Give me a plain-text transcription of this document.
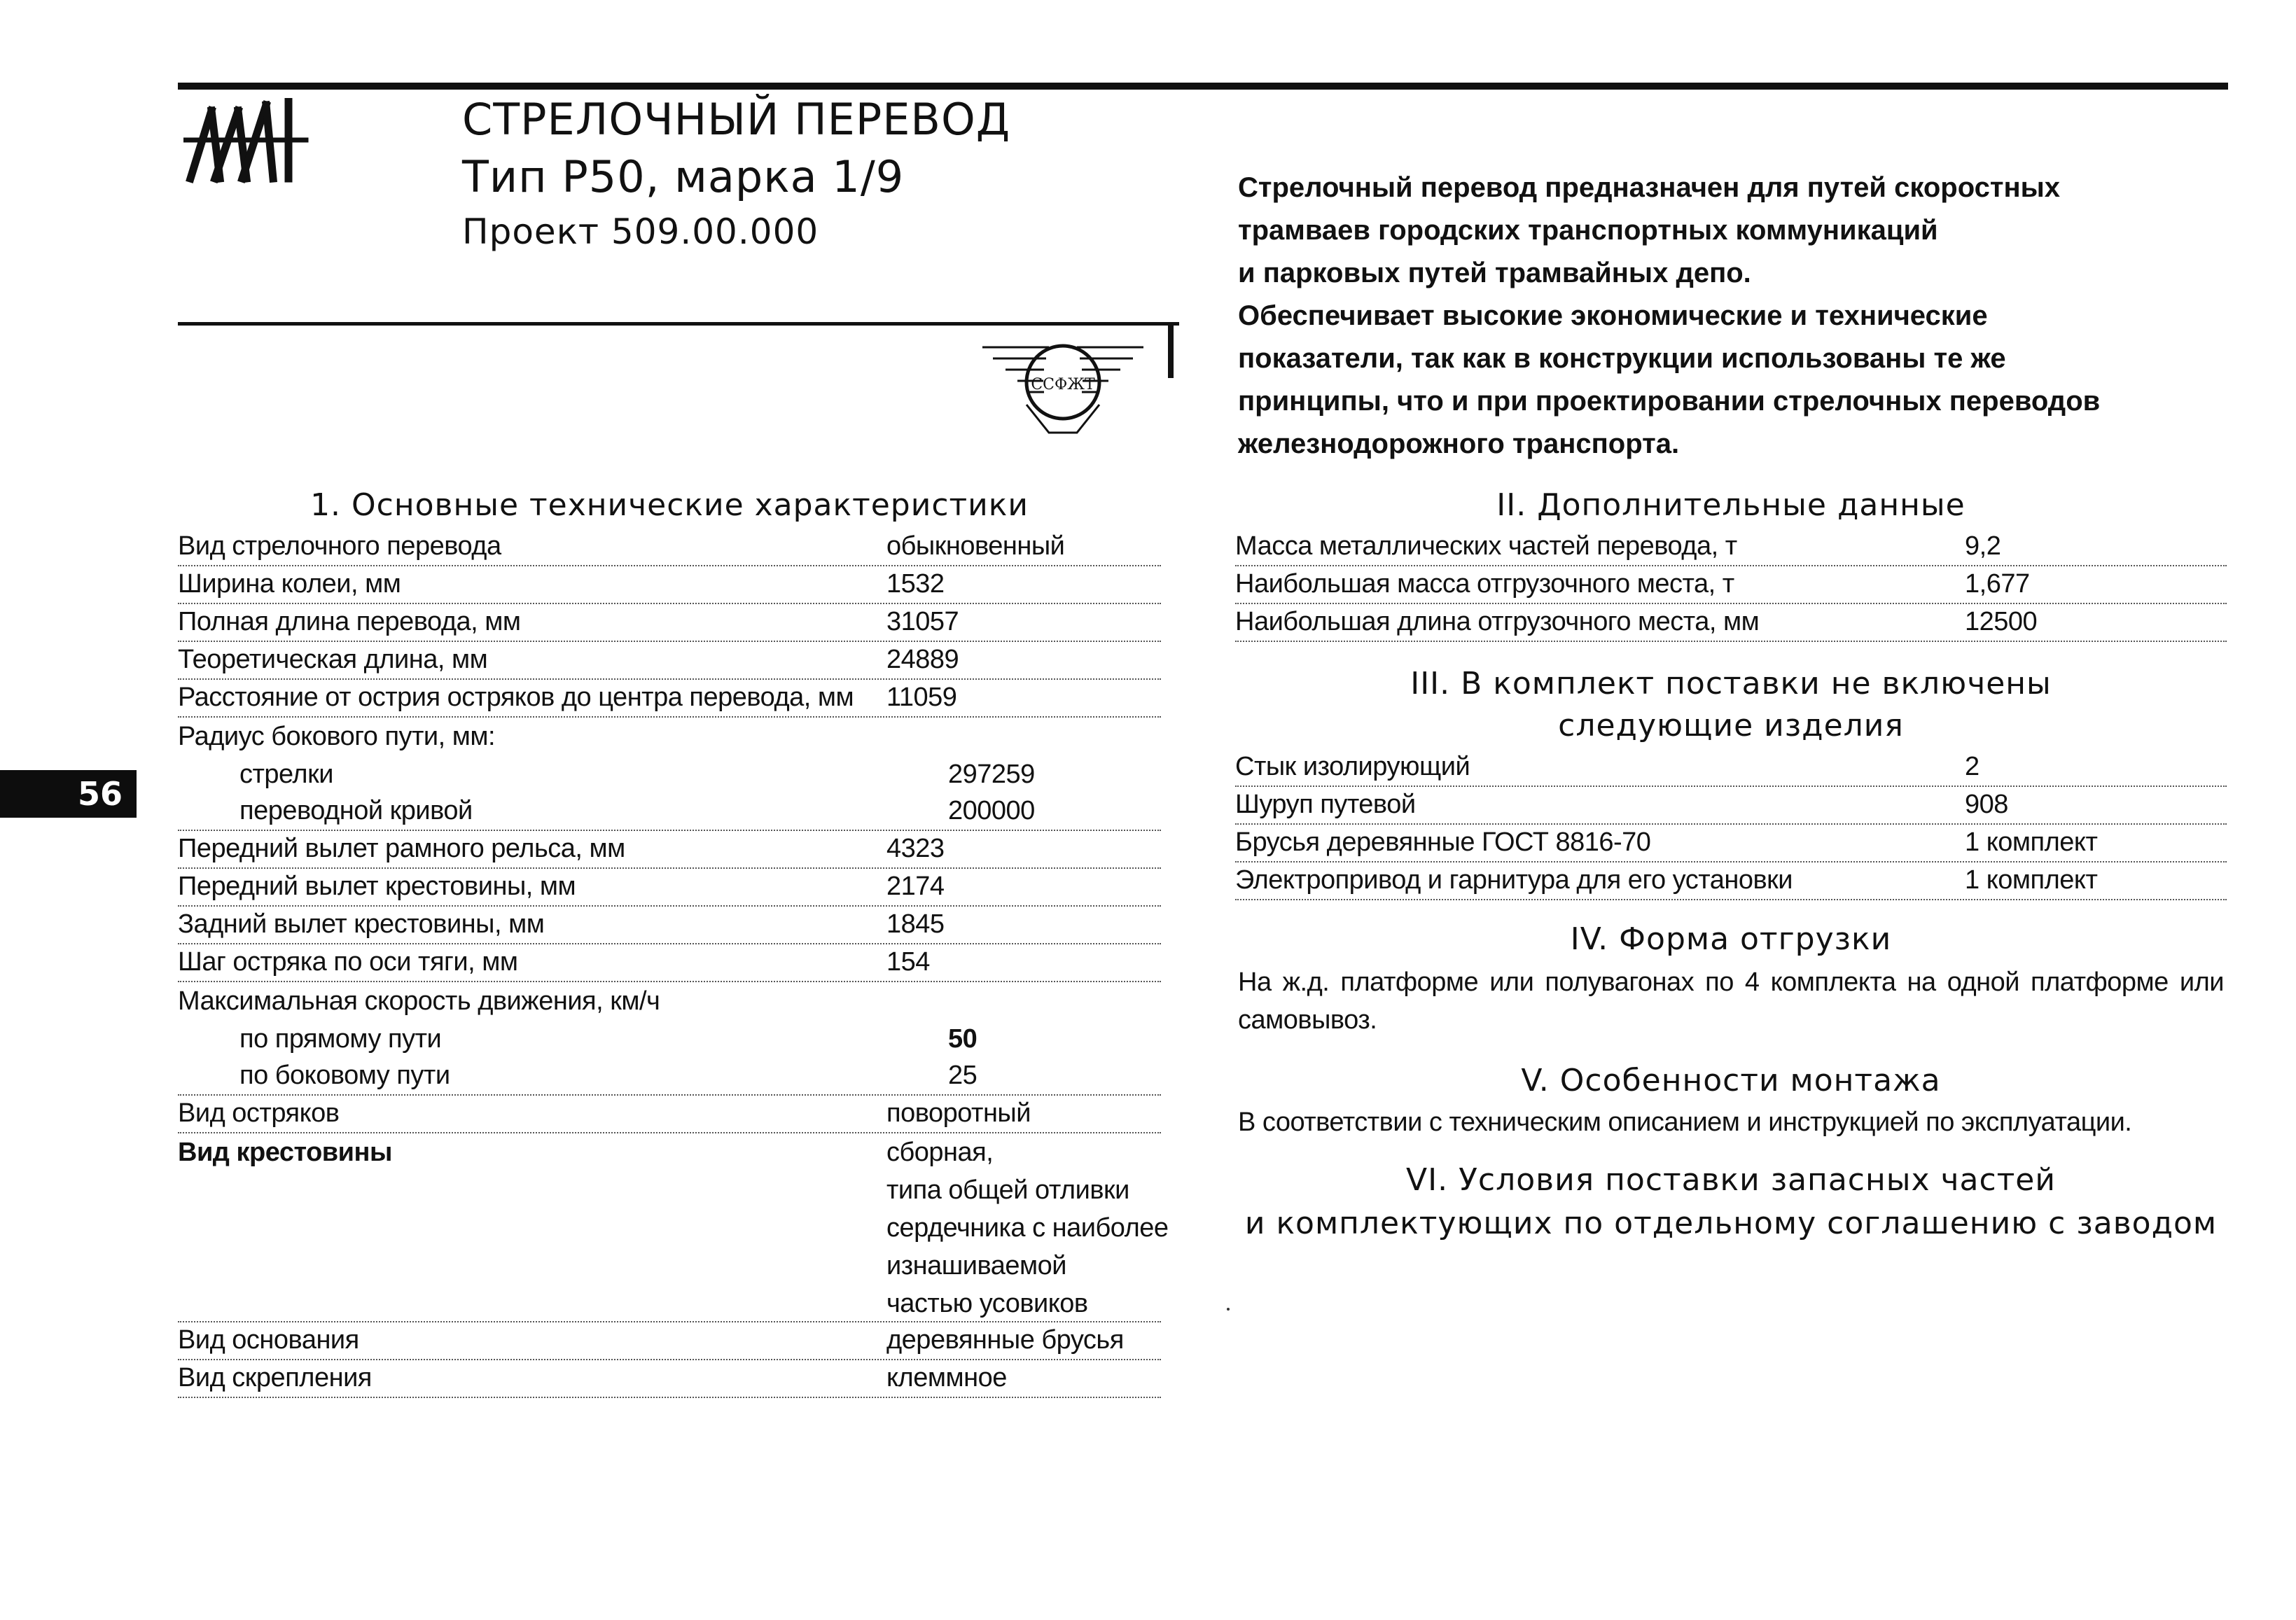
СТРЕЛОЧНЫЙ ПЕРЕВОД
Тип Р50, марка 1/9
Проект 509.00.000
ССФЖТ
56

Стрелочный перевод предназначен для путей скоростных
трамваев городских транспортных коммуникаций
и парковых путей трамвайных депо.
Обеспечивает высокие экономические и технические
показатели, так как в конструкции использованы те же
принципы, что и при проектировании стрелочных переводов
железнодорожного транспорта.

1. Основные технические характеристики
Вид стрелочного перевода	обыкновенный
Ширина колеи, мм	1532
Полная длина перевода, мм	31057
Теоретическая длина, мм	24889
Расстояние от острия остряков до центра перевода, мм	11059
Радиус бокового пути, мм:
стрелки	297259
переводной кривой	200000
Передний вылет рамного рельса, мм	4323
Передний вылет крестовины, мм	2174
Задний вылет крестовины, мм	1845
Шаг остряка по оси тяги, мм	154
Максимальная скорость движения, км/ч
по прямому пути	50
по боковому пути	25
Вид остряков	поворотный
Вид крестовины	сборная,
типа общей отливки
сердечника с наиболее
изнашиваемой
частью усовиков
Вид основания	деревянные брусья
Вид скрепления	клеммное
II. Дополнительные данные
Масса металлических частей перевода, т	9,2
Наибольшая масса отгрузочного места, т	1,677
Наибольшая длина отгрузочного места, мм	12500
III. В комплект поставки не включены
следующие изделия
Стык изолирующий	2
Шуруп путевой	908
Брусья деревянные ГОСТ 8816-70	1 комплект
Электропривод и гарнитура для его установки	1 комплект
IV. Форма отгрузки

На ж.д. платформе или полувагонах по 4 комплекта на одной платформе или самовывоз.

V. Особенности монтажа

В соответствии с техническим описанием и инструкцией по эксплуатации.

VI. Условия поставки запасных частей
и комплектующих по отдельному соглашению с заводом
